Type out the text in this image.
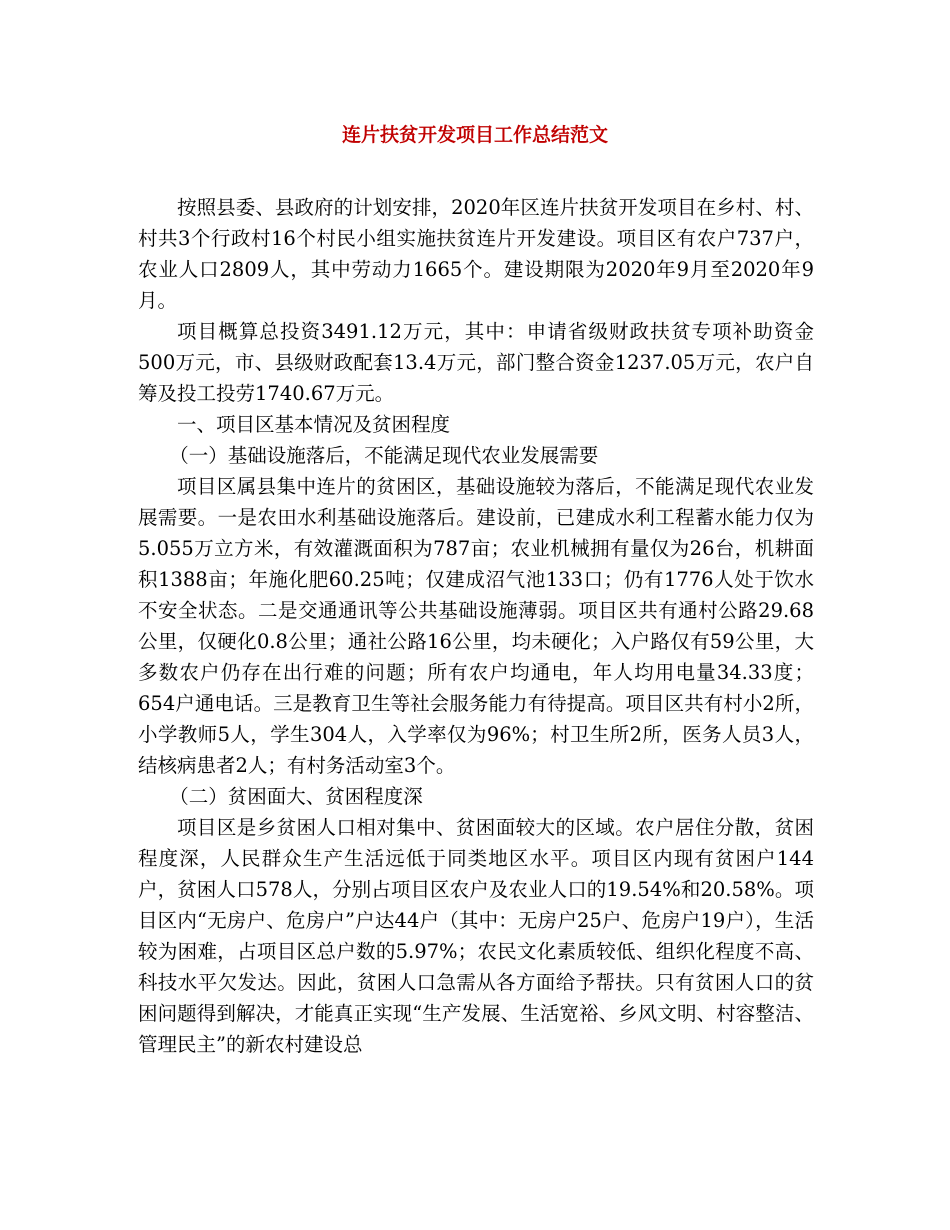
连片扶贫开发项目工作总结范文

按照县委、县政府的计划安排，2020年区连片扶贫开发项目在乡村、村、村共3个行政村16个村民小组实施扶贫连片开发建设。项目区有农户737户，农业人口2809人，其中劳动力1665个。建设期限为2020年9月至2020年9月。

项目概算总投资3491.12万元，其中：申请省级财政扶贫专项补助资金500万元，市、县级财政配套13.4万元，部门整合资金1237.05万元，农户自筹及投工投劳1740.67万元。

一、项目区基本情况及贫困程度

（一）基础设施落后，不能满足现代农业发展需要

项目区属县集中连片的贫困区，基础设施较为落后，不能满足现代农业发展需要。一是农田水利基础设施落后。建设前，已建成水利工程蓄水能力仅为5.055万立方米，有效灌溉面积为787亩；农业机械拥有量仅为26台，机耕面积1388亩；年施化肥60.25吨；仅建成沼气池133口；仍有1776人处于饮水不安全状态。二是交通通讯等公共基础设施薄弱。项目区共有通村公路29.68公里，仅硬化0.8公里；通社公路16公里，均未硬化；入户路仅有59公里，大多数农户仍存在出行难的问题；所有农户均通电，年人均用电量34.33度；654户通电话。三是教育卫生等社会服务能力有待提高。项目区共有村小2所，小学教师5人，学生304人，入学率仅为96%；村卫生所2所，医务人员3人，结核病患者2人；有村务活动室3个。

（二）贫困面大、贫困程度深

项目区是乡贫困人口相对集中、贫困面较大的区域。农户居住分散，贫困程度深，人民群众生产生活远低于同类地区水平。项目区内现有贫困户144户，贫困人口578人，分别占项目区农户及农业人口的19.54%和20.58%。项目区内“无房户、危房户”户达44户（其中：无房户25户、危房户19户），生活较为困难，占项目区总户数的5.97%；农民文化素质较低、组织化程度不高、科技水平欠发达。因此，贫困人口急需从各方面给予帮扶。只有贫困人口的贫困问题得到解决，才能真正实现“生产发展、生活宽裕、乡风文明、村容整洁、管理民主”的新农村建设总
